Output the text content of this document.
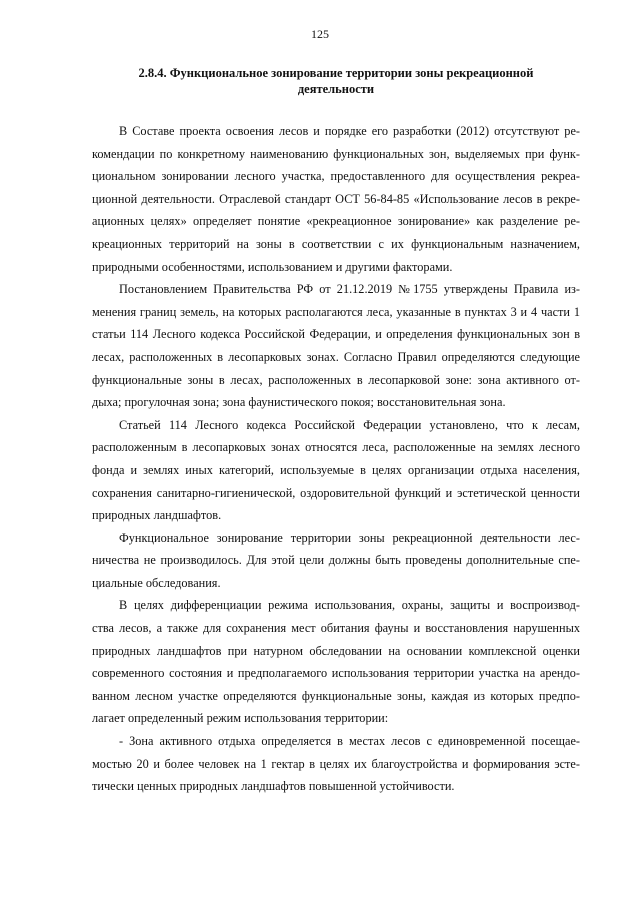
125
2.8.4. Функциональное зонирование территории зоны рекреационной
деятельности

В Составе проекта освоения лесов и порядке его разработки (2012) отсутствуют ре-
комендации по конкретному наименованию функциональных зон, выделяемых при функ-
циональном зонировании лесного участка, предоставленного для осуществления рекреа-
ционной деятельности. Отраслевой стандарт ОСТ 56-84-85 «Использование лесов в рекре-
ационных целях» определяет понятие «рекреационное зонирование» как разделение ре-
креационных территорий на зоны в соответствии с их функциональным назначением,
природными особенностями, использованием и другими факторами.

Постановлением Правительства РФ от 21.12.2019 №1755 утверждены Правила из-
менения границ земель, на которых располагаются леса, указанные в пунктах 3 и 4 части 1
статьи 114 Лесного кодекса Российской Федерации, и определения функциональных зон в
лесах, расположенных в лесопарковых зонах. Согласно Правил определяются следующие
функциональные зоны в лесах, расположенных в лесопарковой зоне: зона активного от-
дыха; прогулочная зона; зона фаунистического покоя; восстановительная зона.

Статьей 114 Лесного кодекса Российской Федерации установлено, что к лесам,
расположенным в лесопарковых зонах относятся леса, расположенные на землях лесного
фонда и землях иных категорий, используемые в целях организации отдыха населения,
сохранения санитарно-гигиенической, оздоровительной функций и эстетической ценности
природных ландшафтов.

Функциональное зонирование территории зоны рекреационной деятельности лес-
ничества не производилось. Для этой цели должны быть проведены дополнительные спе-
циальные обследования.

В целях дифференциации режима использования, охраны, защиты и воспроизвод-
ства лесов, а также для сохранения мест обитания фауны и восстановления нарушенных
природных ландшафтов при натурном обследовании на основании комплексной оценки
современного состояния и предполагаемого использования территории участка на арендо-
ванном лесном участке определяются функциональные зоны, каждая из которых предпо-
лагает определенный режим использования территории:

- Зона активного отдыха определяется в местах лесов с единовременной посещае-
мостью 20 и более человек на 1 гектар в целях их благоустройства и формирования эсте-
тически ценных природных ландшафтов повышенной устойчивости.
